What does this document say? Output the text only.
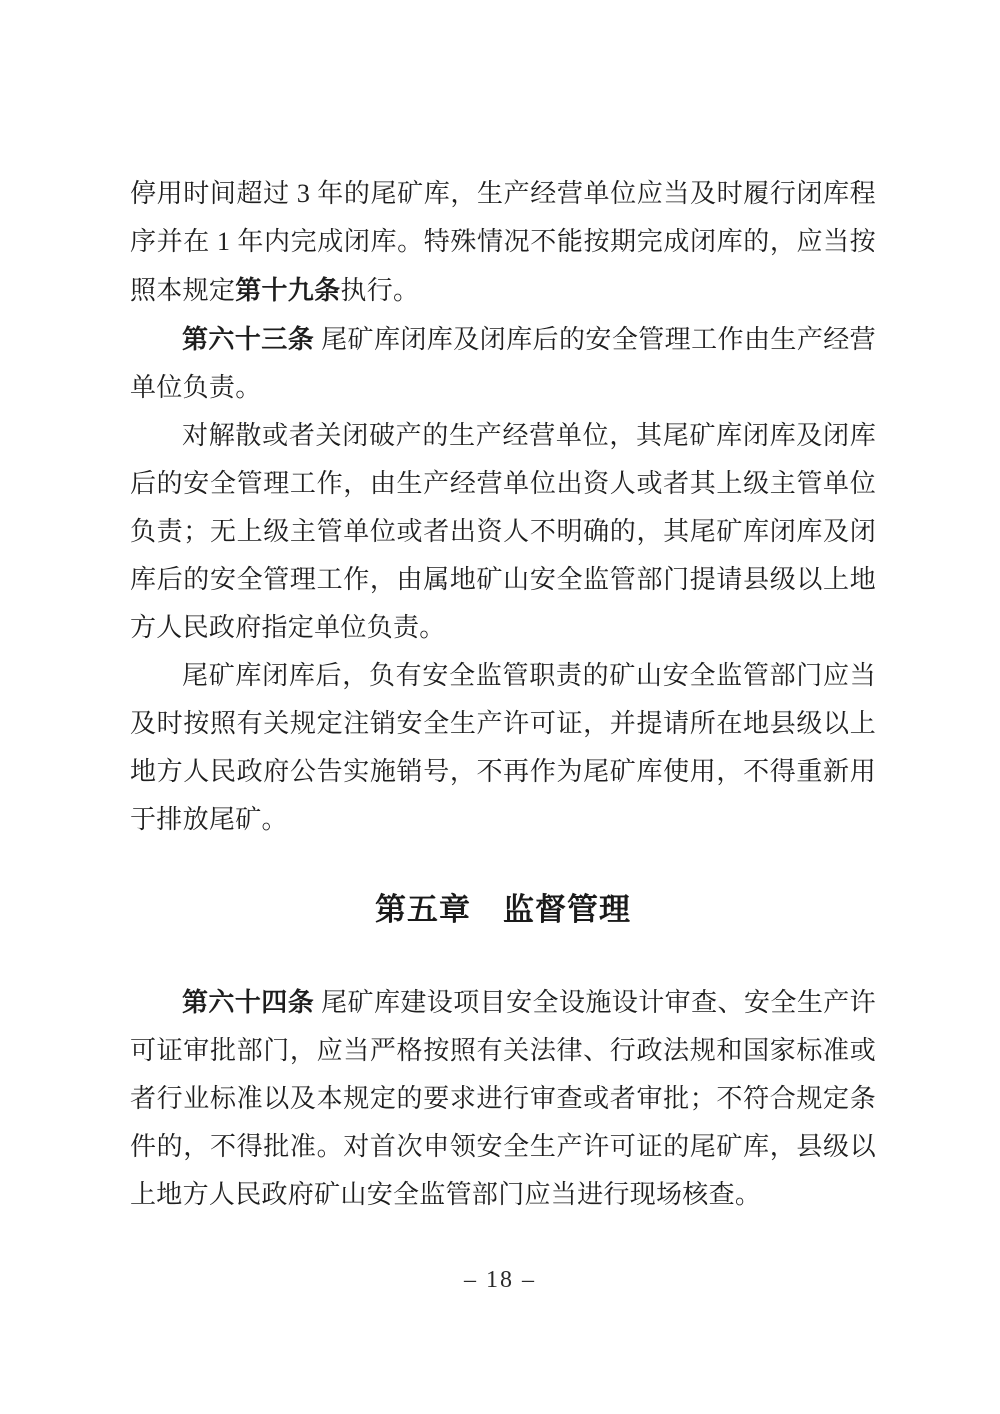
停用时间超过 3 年的尾矿库，生产经营单位应当及时履行闭库程序并在 1 年内完成闭库。特殊情况不能按期完成闭库的，应当按照本规定第十九条执行。

第六十三条 尾矿库闭库及闭库后的安全管理工作由生产经营单位负责。

对解散或者关闭破产的生产经营单位，其尾矿库闭库及闭库后的安全管理工作，由生产经营单位出资人或者其上级主管单位负责；无上级主管单位或者出资人不明确的，其尾矿库闭库及闭库后的安全管理工作，由属地矿山安全监管部门提请县级以上地方人民政府指定单位负责。

尾矿库闭库后，负有安全监管职责的矿山安全监管部门应当及时按照有关规定注销安全生产许可证，并提请所在地县级以上地方人民政府公告实施销号，不再作为尾矿库使用，不得重新用于排放尾矿。

第五章　监督管理

第六十四条 尾矿库建设项目安全设施设计审查、安全生产许可证审批部门，应当严格按照有关法律、行政法规和国家标准或者行业标准以及本规定的要求进行审查或者审批；不符合规定条件的，不得批准。对首次申领安全生产许可证的尾矿库，县级以上地方人民政府矿山安全监管部门应当进行现场核查。

– 18 –
